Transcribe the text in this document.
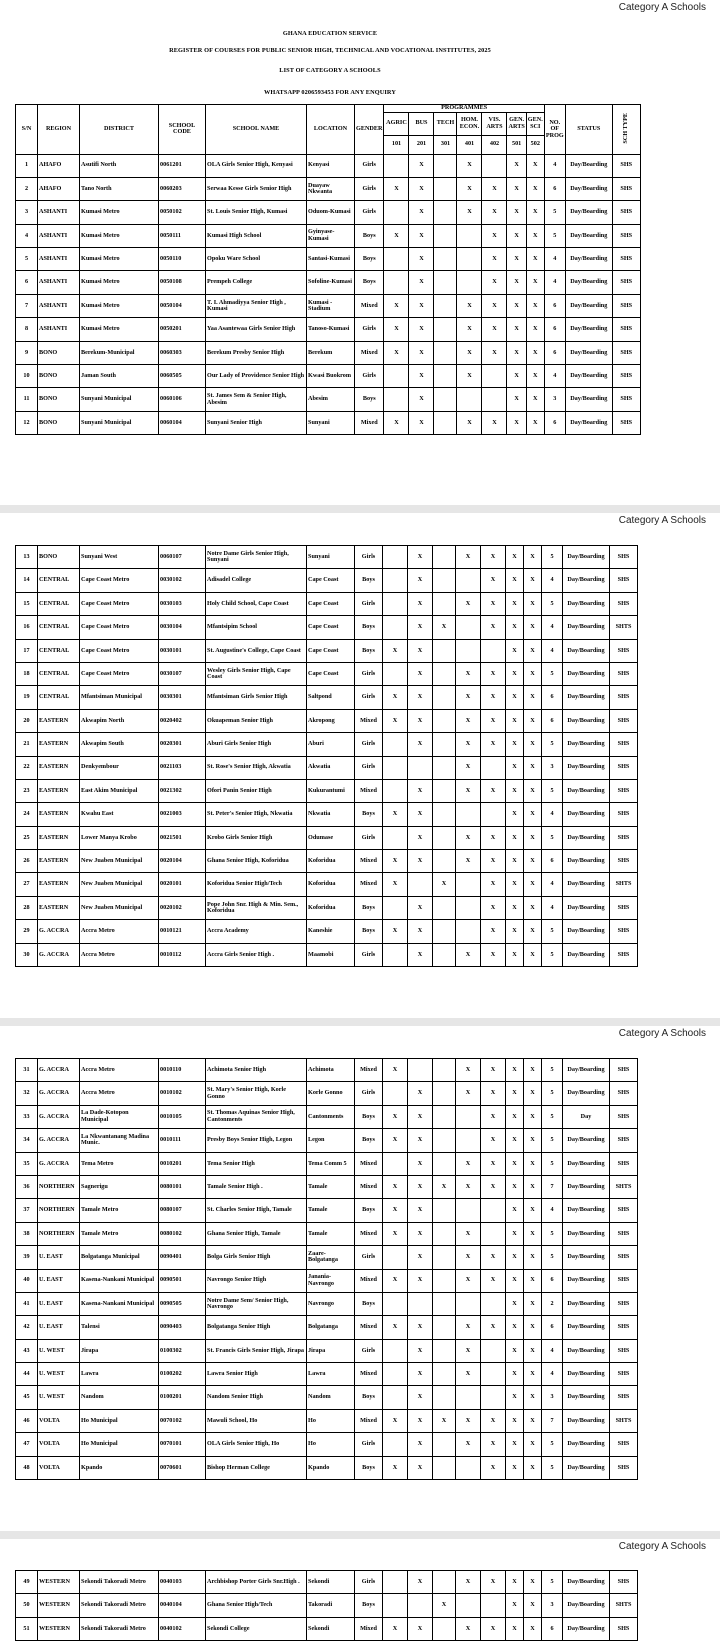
Category A Schools
GHANA EDUCATION SERVICE
REGISTER OF COURSES FOR PUBLIC SENIOR HIGH, TECHNICAL AND VOCATIONAL INSTITUTES, 2025
LIST OF CATEGORY A SCHOOLS
WHATSAPP 0206593453 FOR ANY ENQUIRY
S/N	REGION	DISTRICT	SCHOOL CODE	SCHOOL NAME	LOCATION	GENDER	PROGRAMMES							NO. OF PROG	STATUS	SCH TYPE
							AGRIC	BUS	TECH	HOM. ECON.	VIS. ARTS	GEN. ARTS	GEN. SCI			
							101	201	301	401	402	501	502			
1	AHAFO	Asutifi North	0061201	OLA Girls Senior High, Kenyasi	Kenyasi	Girls		X		X		X	X	4	Day/Boarding	SHS
2	AHAFO	Tano North	0060203	Serwaa Kesse Girls Senior High	Duayaw Nkwanta	Girls	X	X		X	X	X	X	6	Day/Boarding	SHS
3	ASHANTI	Kumasi Metro	0050102	St. Louis Senior High, Kumasi	Oduom-Kumasi	Girls		X		X	X	X	X	5	Day/Boarding	SHS
4	ASHANTI	Kumasi Metro	0050111	Kumasi High School	Gyinyase-Kumasi	Boys	X	X			X	X	X	5	Day/Boarding	SHS
5	ASHANTI	Kumasi Metro	0050110	Opoku Ware School	Santasi-Kumasi	Boys		X			X	X	X	4	Day/Boarding	SHS
6	ASHANTI	Kumasi Metro	0050108	Prempeh College	Sofoline-Kumasi	Boys		X			X	X	X	4	Day/Boarding	SHS
7	ASHANTI	Kumasi Metro	0050104	T. I. Ahmadiyya Senior High , Kumasi	Kumasi - Stadium	Mixed	X	X		X	X	X	X	6	Day/Boarding	SHS
8	ASHANTI	Kumasi Metro	0050201	Yaa Asantewaa Girls Senior High	Tanoso-Kumasi	Girls	X	X		X	X	X	X	6	Day/Boarding	SHS
9	BONO	Berekum-Municipal	0060303	Berekum Presby Senior High	Berekum	Mixed	X	X		X	X	X	X	6	Day/Boarding	SHS
10	BONO	Jaman South	0060505	Our Lady of Providence Senior High	Kwasi Buokrom	Girls		X		X		X	X	4	Day/Boarding	SHS
11	BONO	Sunyani Municipal	0060106	St. James Sem & Senior High, Abesim	Abesim	Boys		X				X	X	3	Day/Boarding	SHS
12	BONO	Sunyani Municipal	0060104	Sunyani Senior High	Sunyani	Mixed	X	X		X	X	X	X	6	Day/Boarding	SHS
Category A Schools
13	BONO	Sunyani West	0060107	Notre Dame Girls Senior High, Sunyani	Sunyani	Girls		X		X	X	X	X	5	Day/Boarding	SHS
14	CENTRAL	Cape Coast Metro	0030102	Adisadel College	Cape Coast	Boys		X			X	X	X	4	Day/Boarding	SHS
15	CENTRAL	Cape Coast Metro	0030103	Holy Child School, Cape Coast	Cape Coast	Girls		X		X	X	X	X	5	Day/Boarding	SHS
16	CENTRAL	Cape Coast Metro	0030104	Mfantsipim School	Cape Coast	Boys		X	X		X	X	X	4	Day/Boarding	SHTS
17	CENTRAL	Cape Coast Metro	0030101	St. Augustine's College, Cape Coast	Cape Coast	Boys	X	X				X	X	4	Day/Boarding	SHS
18	CENTRAL	Cape Coast Metro	0030107	Wesley Girls Senior High, Cape Coast	Cape Coast	Girls		X		X	X	X	X	5	Day/Boarding	SHS
19	CENTRAL	Mfantsiman Municipal	0030301	Mfantsiman Girls Senior High	Saltpond	Girls	X	X		X	X	X	X	6	Day/Boarding	SHS
20	EASTERN	Akwapim North	0020402	Okuapeman Senior High	Akropong	Mixed	X	X		X	X	X	X	6	Day/Boarding	SHS
21	EASTERN	Akwapim South	0020301	Aburi Girls Senior High	Aburi	Girls		X		X	X	X	X	5	Day/Boarding	SHS
22	EASTERN	Denkyembour	0021103	St. Rose's Senior High, Akwatia	Akwatia	Girls				X		X	X	3	Day/Boarding	SHS
23	EASTERN	East Akim Municipal	0021302	Ofori Panin Senior High	Kukurantumi	Mixed		X		X	X	X	X	5	Day/Boarding	SHS
24	EASTERN	Kwahu East	0021003	St. Peter's Senior High, Nkwatia	Nkwatia	Boys	X	X				X	X	4	Day/Boarding	SHS
25	EASTERN	Lower Manya Krobo	0021501	Krobo Girls Senior High	Odumase	Girls		X		X	X	X	X	5	Day/Boarding	SHS
26	EASTERN	New Juaben Municipal	0020104	Ghana Senior High, Koforidua	Koforidua	Mixed	X	X		X	X	X	X	6	Day/Boarding	SHS
27	EASTERN	New Juaben Municipal	0020101	Koforidua Senior High/Tech	Koforidua	Mixed	X		X		X	X	X	4	Day/Boarding	SHTS
28	EASTERN	New Juaben Municipal	0020102	Pope John Snr. High & Min. Sem., Koforidua	Koforidua	Boys		X			X	X	X	4	Day/Boarding	SHS
29	G. ACCRA	Accra Metro	0010121	Accra Academy	Kaneshie	Boys	X	X			X	X	X	5	Day/Boarding	SHS
30	G. ACCRA	Accra Metro	0010112	Accra Girls Senior High .	Maamobi	Girls		X		X	X	X	X	5	Day/Boarding	SHS
Category A Schools
31	G. ACCRA	Accra Metro	0010110	Achimota Senior High	Achimota	Mixed	X			X	X	X	X	5	Day/Boarding	SHS
32	G. ACCRA	Accra Metro	0010102	St. Mary's Senior High, Korle Gonno	Korle Gonno	Girls		X		X	X	X	X	5	Day/Boarding	SHS
33	G. ACCRA	La Dade-Kotopon Municipal	0010105	St. Thomas Aquinas Senior High, Cantonments	Cantonments	Boys	X	X			X	X	X	5	Day	SHS
34	G. ACCRA	La Nkwantanang Madina Munic.	0010111	Presby Boys Senior High, Legon	Legon	Boys	X	X			X	X	X	5	Day/Boarding	SHS
35	G. ACCRA	Tema Metro	0010201	Tema Senior High	Tema Comm 5	Mixed		X		X	X	X	X	5	Day/Boarding	SHS
36	NORTHERN	Sagnerigu	0080101	Tamale Senior High .	Tamale	Mixed	X	X	X	X	X	X	X	7	Day/Boarding	SHTS
37	NORTHERN	Tamale Metro	0080107	St. Charles Senior High, Tamale	Tamale	Boys	X	X				X	X	4	Day/Boarding	SHS
38	NORTHERN	Tamale Metro	0080102	Ghana Senior High, Tamale	Tamale	Mixed	X	X		X		X	X	5	Day/Boarding	SHS
39	U. EAST	Bolgatanga Municipal	0090401	Bolga Girls Senior High	Zaare-Bolgatanga	Girls		X		X	X	X	X	5	Day/Boarding	SHS
40	U. EAST	Kasena-Nankani Municipal	0090501	Navrongo Senior High	Janania-Navrongo	Mixed	X	X		X	X	X	X	6	Day/Boarding	SHS
41	U. EAST	Kasena-Nankani Municipal	0090505	Notre Dame Sem/ Senior High, Navrongo	Navrongo	Boys						X	X	2	Day/Boarding	SHS
42	U. EAST	Talensi	0090403	Bolgatanga Senior High	Bolgatanga	Mixed	X	X		X	X	X	X	6	Day/Boarding	SHS
43	U. WEST	Jirapa	0100302	St. Francis Girls Senior High, Jirapa	Jirapa	Girls		X		X		X	X	4	Day/Boarding	SHS
44	U. WEST	Lawra	0100202	Lawra Senior High	Lawra	Mixed		X		X		X	X	4	Day/Boarding	SHS
45	U. WEST	Nandom	0100201	Nandom Senior High	Nandom	Boys		X				X	X	3	Day/Boarding	SHS
46	VOLTA	Ho Municipal	0070102	Mawuli School, Ho	Ho	Mixed	X	X	X	X	X	X	X	7	Day/Boarding	SHTS
47	VOLTA	Ho Municipal	0070101	OLA Girls Senior High, Ho	Ho	Girls		X		X	X	X	X	5	Day/Boarding	SHS
48	VOLTA	Kpando	0070601	Bishop Herman College	Kpando	Boys	X	X			X	X	X	5	Day/Boarding	SHS
Category A Schools
49	WESTERN	Sekondi Takoradi Metro	0040103	Archbishop Porter Girls Snr.High .	Sekondi	Girls		X		X	X	X	X	5	Day/Boarding	SHS
50	WESTERN	Sekondi Takoradi Metro	0040104	Ghana Senior High/Tech	Takoradi	Boys			X			X	X	3	Day/Boarding	SHTS
51	WESTERN	Sekondi Takoradi Metro	0040102	Sekondi College	Sekondi	Mixed	X	X		X	X	X	X	6	Day/Boarding	SHS
